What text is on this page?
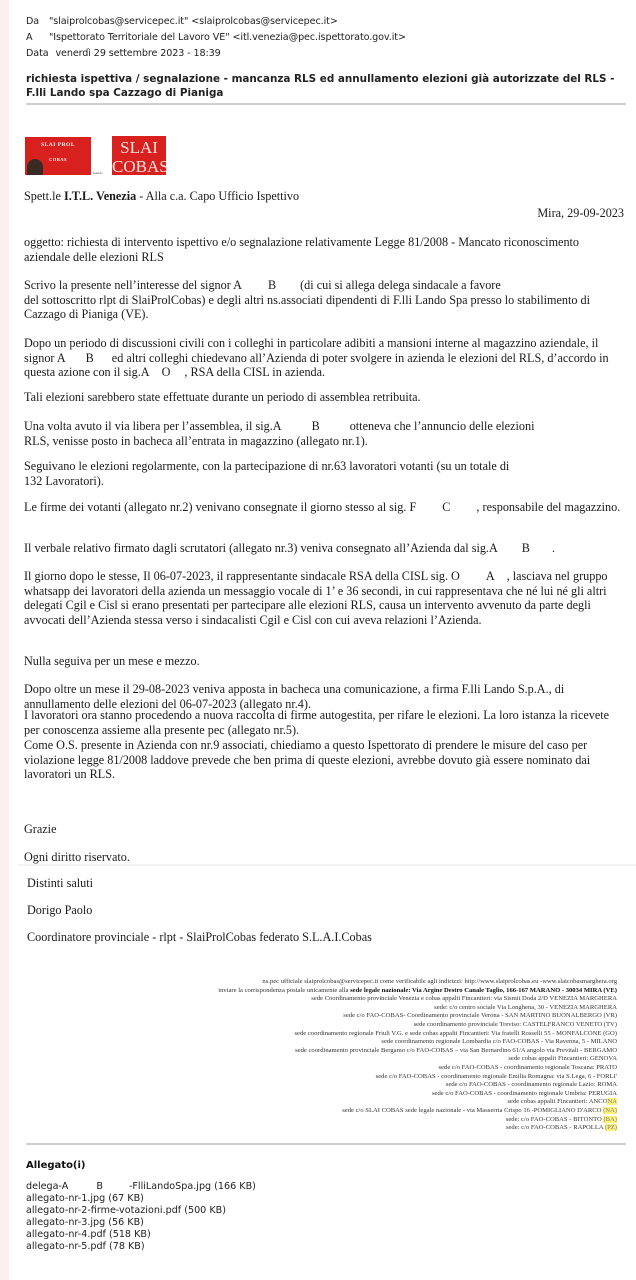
Da "slaiprolcobas@servicepec.it" <slaiprolcobas@servicepec.it>
A "Ispettorato Territoriale del Lavoro VE" <itl.venezia@pec.ispettorato.gov.it>
Data venerdì 29 settembre 2023 - 18:39
richiesta ispettiva / segnalazione - mancanza RLS ed annullamento elezioni già autorizzate del RLS - F.lli Lando spa Cazzago di Pianiga
SLAI PROL
· · ·
COBAS
federato
SLAI
COBAS

Spett.le I.T.L. Venezia - Alla c.a. Capo Ufficio Ispettivo

Mira, 29-09-2023

oggetto: richiesta di intervento ispettivo e/o segnalazione relativamente Legge 81/2008 - Mancato riconoscimento aziendale delle elezioni RLS

Scrivo la presente nell’interesse del signor A B (di cui si allega delega sindacale a favore
del sottoscritto rlpt di SlaiProlCobas) e degli altri ns.associati dipendenti di F.lli Lando Spa presso lo stabilimento di Cazzago di Pianiga (VE).

Dopo un periodo di discussioni civili con i colleghi in particolare adibiti a mansioni interne al magazzino aziendale, il signor A B ed altri colleghi chiedevano all’Azienda di poter svolgere in azienda le elezioni del RLS, d’accordo in questa azione con il sig.A O , RSA della CISL in azienda.

Tali elezioni sarebbero state effettuate durante un periodo di assemblea retribuita.

Una volta avuto il via libera per l’assemblea, il sig.A B otteneva che l’annuncio delle elezioni
RLS, venisse posto in bacheca all’entrata in magazzino (allegato nr.1).

Seguivano le elezioni regolarmente, con la partecipazione di nr.63 lavoratori votanti (su un totale di
132 Lavoratori).

Le firme dei votanti (allegato nr.2) venivano consegnate il giorno stesso al sig. F C , responsabile del magazzino.

Il verbale relativo firmato dagli scrutatori (allegato nr.3) veniva consegnato all’Azienda dal sig.A B .

Il giorno dopo le stesse, Il 06-07-2023, il rappresentante sindacale RSA della CISL sig. O A , lasciava nel gruppo whatsapp dei lavoratori della azienda un messaggio vocale di 1’ e 36 secondi, in cui rappresentava che né lui né gli altri delegati Cgil e Cisl si erano presentati per partecipare alle elezioni RLS, causa un intervento avvenuto da parte degli avvocati dell’Azienda stessa verso i sindacalisti Cgil e Cisl con cui aveva relazioni l’Azienda.

Nulla seguiva per un mese e mezzo.

Dopo oltre un mese il 29-08-2023 veniva apposta in bacheca una comunicazione, a firma F.lli Lando S.p.A., di annullamento delle elezioni del 06-07-2023 (allegato nr.4).

I lavoratori ora stanno procedendo a nuova raccolta di firme autogestita, per rifare le elezioni. La loro istanza la ricevete per conoscenza assieme alla presente pec (allegato nr.5).

Come O.S. presente in Azienda con nr.9 associati, chiediamo a questo Ispettorato di prendere le misure del caso per violazione legge 81/2008 laddove prevede che ben prima di queste elezioni, avrebbe dovuto già essere nominato dai lavoratori un RLS.

Grazie

Ogni diritto riservato.

Distinti saluti
Dorigo Paolo
Coordinatore provinciale - rlpt - SlaiProlCobas federato S.L.A.I.Cobas
ns.pec ufficiale slaiprolcobas@servicepec.it come verificabile agli indirizzi: http://www.slaiprolcobas.eu -www.slaicobasmarghera.org
inviare la corrispondenza postale unicamente alla sede legale nazionale: Via Argine Destro Canale Taglio, 166-167 MARANO - 30034 MIRA (VE)
sede Coordinamento provinciale Venezia e cobas appalti Fincantieri: via Sismit Doda 2/D VENEZIA MARGHERA
sede: c/o centro sociale Via Longhena, 30 - VENEZIA MARGHERA
sede c/o FAO-COBAS- Coordinamento provinciale Verona - SAN MARTINO BUONALBERGO (VR)
sede coordinamento provinciale Treviso: CASTELFRANCO VENETO (TV)
sede coordinamento regionale Friuli V.G. e sede cobas appalti Fincantieri: Via fratelli Rosselli 55 - MONFALCONE (GO)
sede coordinamento regionale Lombardia c/o FAO-COBAS - Via Ravenna, 5 - MILANO
sede coordinamento provinciale Bergamo c/o FAO-COBAS – via San Bernardino 61/A angolo via Previtali - BERGAMO
sede cobas appalti Fincantieri: GENOVA
sede c/o FAO-COBAS - coordinamento regionale Toscana: PRATO
sede c/o FAO-COBAS - coordinamento regionale Emilia Romagna: via S.Lega, 6 - FORLI'
sede c/o FAO-COBAS - coordinamento regionale Lazio: ROMA
sede c/o FAO-COBAS - coordinamento regionale Umbria: PERUGIA
sede cobas appalti Fincantieri: ANCONA
sede c/o SLAI COBAS sede legale nazionale - via Masserria Crispo 16 -POMIGLIANO D'ARCO (NA)
sede: c/o FAO-COBAS - BITONTO (BA)
sede: c/o FAO-COBAS - RAPOLLA (PZ)
Allegato(i)
delega-A	B	-FlliLandoSpa.jpg (166 KB)
allegato-nr-1.jpg (67 KB)
allegato-nr-2-firme-votazioni.pdf (500 KB)
allegato-nr-3.jpg (56 KB)
allegato-nr-4.pdf (518 KB)
allegato-nr-5.pdf (78 KB)
